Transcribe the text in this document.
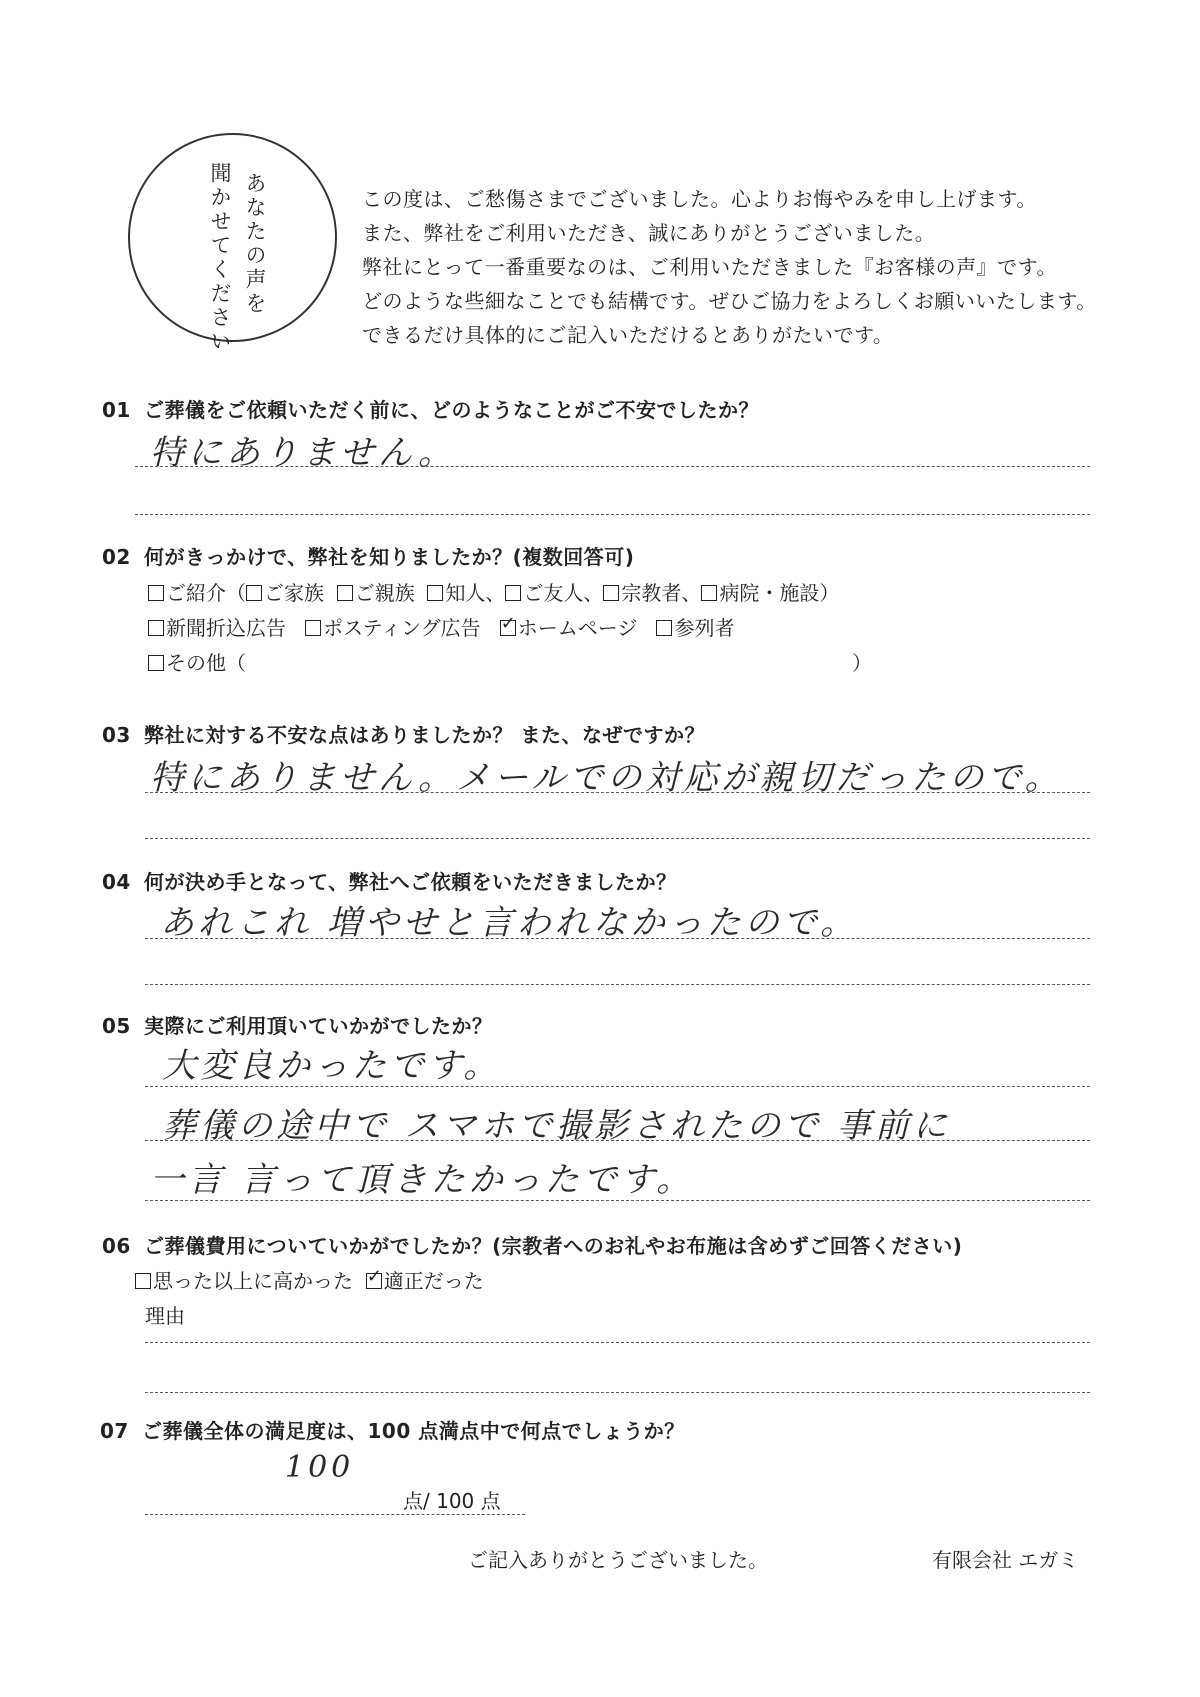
あなたの声を
聞かせてください	この度は、ご愁傷さまでございました。心よりお悔やみを申し上げます。
また、弊社をご利用いただき、誠にありがとうございました。
弊社にとって一番重要なのは、ご利用いただきました『お客様の声』です。
どのような些細なことでも結構です。ぜひご協力をよろしくお願いいたします。
できるだけ具体的にご記入いただけるとありがたいです。
01 ご葬儀をご依頼いただく前に、どのようなことがご不安でしたか？
特にありません。
02 何がきっかけで、弊社を知りましたか？(複数回答可)
ご紹介（ ご家族 ご親族 知人、 ご友人、 宗教者、 病院・施設）
新聞折込広告 ポスティング広告 ✓ ホームページ 参列者
その他（	）
03 弊社に対する不安な点はありましたか？ また、なぜですか？
特にありません。メールでの対応が親切だったので。
04 何が決め手となって、弊社へご依頼をいただきましたか？
あれこれ 増やせと言われなかったので。
05 実際にご利用頂いていかがでしたか？
大変良かったです。
葬儀の途中で スマホで撮影されたので 事前に
一言 言って頂きたかったです。
06 ご葬儀費用についていかがでしたか？(宗教者へのお礼やお布施は含めずご回答ください)
思った以上に高かった ✓ 適正だった
理由
07 ご葬儀全体の満足度は、100 点満点中で何点でしょうか？
100
点/ 100 点
ご記入ありがとうございました。	有限会社 エガミ
